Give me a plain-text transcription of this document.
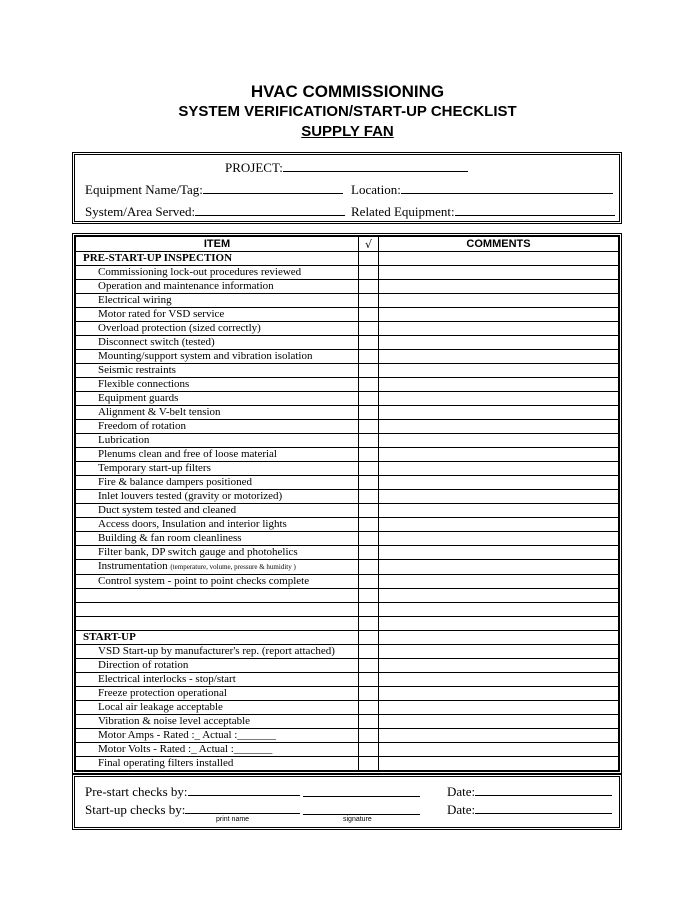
HVAC COMMISSIONING
SYSTEM VERIFICATION/START-UP CHECKLIST
SUPPLY FAN
PROJECT:
Equipment Name/Tag:	Location:
System/Area Served:	Related Equipment:
ITEM	√	COMMENTS
PRE-START-UP INSPECTION		
Commissioning lock-out procedures reviewed		
Operation and maintenance information		
Electrical wiring		
Motor rated for VSD service		
Overload protection (sized correctly)		
Disconnect switch (tested)		
Mounting/support system and vibration isolation		
Seismic restraints		
Flexible connections		
Equipment guards		
Alignment & V-belt tension		
Freedom of rotation		
Lubrication		
Plenums clean and free of loose material		
Temporary start-up filters		
Fire & balance dampers positioned		
Inlet louvers tested (gravity or motorized)		
Duct system tested and cleaned		
Access doors, Insulation and interior lights		
Building & fan room cleanliness		
Filter bank, DP switch gauge and photohelics		
Instrumentation (temperature, volume, pressure & humidity )		
Control system - point to point checks complete		

START-UP		
VSD Start-up by manufacturer's rep. (report attached)		
Direction of rotation		
Electrical interlocks - stop/start		
Freeze protection operational		
Local air leakage acceptable		
Vibration & noise level acceptable		
Motor Amps - Rated :_ Actual :_______		
Motor Volts - Rated :_ Actual :_______		
Final operating filters installed		
Pre-start checks by:	Date:
Start-up checks by:	Date:
print name	signature
